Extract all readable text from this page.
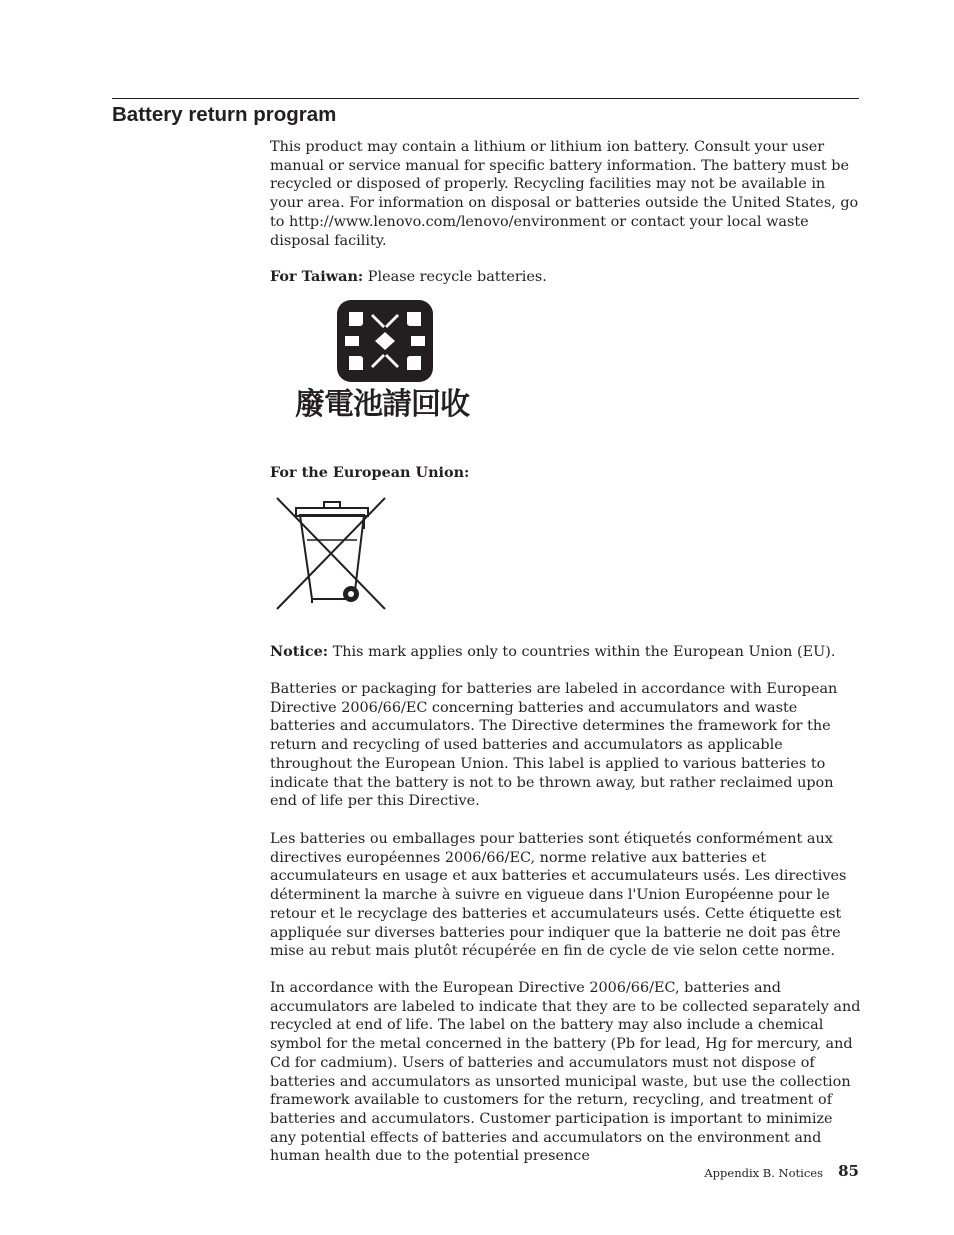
Battery return program

This product may contain a lithium or lithium ion battery. Consult your user manual or service manual for specific battery information. The battery must be recycled or disposed of properly. Recycling facilities may not be available in your area. For information on disposal or batteries outside the United States, go to http://www.lenovo.com/lenovo/environment or contact your local waste disposal facility.

For Taiwan: Please recycle batteries.

廢電池請回收

For the European Union:

Notice: This mark applies only to countries within the European Union (EU).

Batteries or packaging for batteries are labeled in accordance with European Directive 2006/66/EC concerning batteries and accumulators and waste batteries and accumulators. The Directive determines the framework for the return and recycling of used batteries and accumulators as applicable throughout the European Union. This label is applied to various batteries to indicate that the battery is not to be thrown away, but rather reclaimed upon end of life per this Directive.

Les batteries ou emballages pour batteries sont étiquetés conformément aux directives européennes 2006/66/EC, norme relative aux batteries et accumulateurs en usage et aux batteries et accumulateurs usés. Les directives déterminent la marche à suivre en vigueue dans l'Union Européenne pour le retour et le recyclage des batteries et accumulateurs usés. Cette étiquette est appliquée sur diverses batteries pour indiquer que la batterie ne doit pas être mise au rebut mais plutôt récupérée en fin de cycle de vie selon cette norme.

In accordance with the European Directive 2006/66/EC, batteries and accumulators are labeled to indicate that they are to be collected separately and recycled at end of life. The label on the battery may also include a chemical symbol for the metal concerned in the battery (Pb for lead, Hg for mercury, and Cd for cadmium). Users of batteries and accumulators must not dispose of batteries and accumulators as unsorted municipal waste, but use the collection framework available to customers for the return, recycling, and treatment of batteries and accumulators. Customer participation is important to minimize any potential effects of batteries and accumulators on the environment and human health due to the potential presence

Appendix B. Notices 85
